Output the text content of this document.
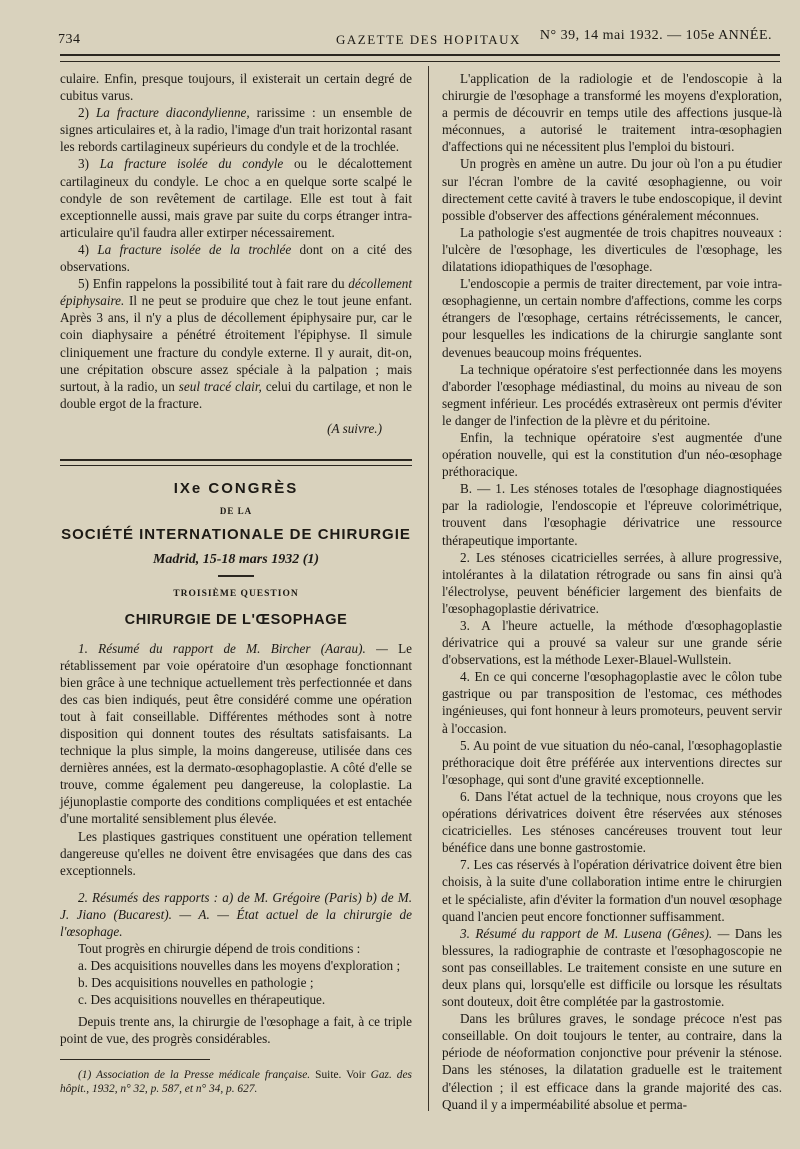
734	GAZETTE DES HOPITAUX N° 39, 14 mai 1932. — 105e ANNÉE.

culaire. Enfin, presque toujours, il existerait un certain degré de cubitus varus.

2) La fracture diacondylienne, rarissime : un ensemble de signes articulaires et, à la radio, l'image d'un trait horizontal rasant les rebords cartilagineux supérieurs du condyle et de la trochlée.

3) La fracture isolée du condyle ou le décalottement cartilagineux du condyle. Le choc a en quelque sorte scalpé le condyle de son revêtement de cartilage. Elle est tout à fait exceptionnelle aussi, mais grave par suite du corps étranger intra-articulaire qu'il faudra aller extirper nécessairement.

4) La fracture isolée de la trochlée dont on a cité des observations.

5) Enfin rappelons la possibilité tout à fait rare du décollement épiphysaire. Il ne peut se produire que chez le tout jeune enfant. Après 3 ans, il n'y a plus de décollement épiphysaire pur, car le coin diaphysaire a pénétré étroitement l'épiphyse. Il simule cliniquement une fracture du condyle externe. Il y aurait, dit-on, une crépitation obscure assez spéciale à la palpation ; mais surtout, à la radio, un seul tracé clair, celui du cartilage, et non le double ergot de la fracture.

(A suivre.)

IXe CONGRÈS
DE LA
SOCIÉTÉ INTERNATIONALE DE CHIRURGIE
Madrid, 15-18 mars 1932 (1)
TROISIÈME QUESTION
CHIRURGIE DE L'ŒSOPHAGE

1. Résumé du rapport de M. Bircher (Aarau). — Le rétablissement par voie opératoire d'un œsophage fonctionnant bien grâce à une technique actuellement très perfectionnée et dans des cas bien indiqués, peut être considéré comme une opération tout à fait conseillable. Différentes méthodes sont à notre disposition qui donnent toutes des résultats satisfaisants. La technique la plus simple, la moins dangereuse, utilisée dans ces dernières années, est la dermato-œsophagoplastie. A côté d'elle se trouve, comme également peu dangereuse, la coloplastie. La jéjunoplastie comporte des conditions compliquées et est entachée d'une mortalité sensiblement plus élevée.

Les plastiques gastriques constituent une opération tellement dangereuse qu'elles ne doivent être envisagées que dans des cas exceptionnels.

2. Résumés des rapports : a) de M. Grégoire (Paris) b) de M. J. Jiano (Bucarest). — A. — État actuel de la chirurgie de l'œsophage.

Tout progrès en chirurgie dépend de trois conditions :

a. Des acquisitions nouvelles dans les moyens d'exploration ;

b. Des acquisitions nouvelles en pathologie ;

c. Des acquisitions nouvelles en thérapeutique.

Depuis trente ans, la chirurgie de l'œsophage a fait, à ce triple point de vue, des progrès considérables.

(1) Association de la Presse médicale française. Suite. Voir Gaz. des hôpit., 1932, n° 32, p. 587, et n° 34, p. 627.

L'application de la radiologie et de l'endoscopie à la chirurgie de l'œsophage a transformé les moyens d'exploration, a permis de découvrir en temps utile des affections jusque-là méconnues, a autorisé le traitement intra-œsophagien d'affections qui ne nécessitent plus l'emploi du bistouri.

Un progrès en amène un autre. Du jour où l'on a pu étudier sur l'écran l'ombre de la cavité œsophagienne, ou voir directement cette cavité à travers le tube endoscopique, il devint possible d'observer des affections généralement méconnues.

La pathologie s'est augmentée de trois chapitres nouveaux : l'ulcère de l'œsophage, les diverticules de l'œsophage, les dilatations idiopathiques de l'œsophage.

L'endoscopie a permis de traiter directement, par voie intra-œsophagienne, un certain nombre d'affections, comme les corps étrangers de l'œsophage, certains rétrécissements, le cancer, pour lesquelles les indications de la chirurgie sanglante sont devenues beaucoup moins fréquentes.

La technique opératoire s'est perfectionnée dans les moyens d'aborder l'œsophage médiastinal, du moins au niveau de son segment inférieur. Les procédés extrasèreux ont permis d'éviter le danger de l'infection de la plèvre et du péritoine.

Enfin, la technique opératoire s'est augmentée d'une opération nouvelle, qui est la constitution d'un néo-œsophage préthoracique.

B. — 1. Les sténoses totales de l'œsophage diagnostiquées par la radiologie, l'endoscopie et l'épreuve colorimétrique, trouvent dans l'œsophagie dérivatrice une ressource thérapeutique importante.

2. Les sténoses cicatricielles serrées, à allure progressive, intolérantes à la dilatation rétrograde ou sans fin ainsi qu'à l'électrolyse, peuvent bénéficier largement des bienfaits de l'œsophagoplastie dérivatrice.

3. A l'heure actuelle, la méthode d'œsophagoplastie dérivatrice qui a prouvé sa valeur sur une grande série d'observations, est la méthode Lexer-Blauel-Wullstein.

4. En ce qui concerne l'œsophagoplastie avec le côlon tube gastrique ou par transposition de l'estomac, ces méthodes ingénieuses, qui font honneur à leurs promoteurs, peuvent servir à l'occasion.

5. Au point de vue situation du néo-canal, l'œsophagoplastie préthoracique doit être préférée aux interventions directes sur l'œsophage, qui sont d'une gravité exceptionnelle.

6. Dans l'état actuel de la technique, nous croyons que les opérations dérivatrices doivent être réservées aux sténoses cicatricielles. Les sténoses cancéreuses trouvent tout leur bénéfice dans une bonne gastrostomie.

7. Les cas réservés à l'opération dérivatrice doivent être bien choisis, à la suite d'une collaboration intime entre le chirurgien et le spécialiste, afin d'éviter la formation d'un nouvel œsophage quand l'ancien peut encore fonctionner suffisamment.

3. Résumé du rapport de M. Lusena (Gênes). — Dans les blessures, la radiographie de contraste et l'œsophagoscopie ne sont pas conseillables. Le traitement consiste en une suture en deux plans qui, lorsqu'elle est difficile ou lorsque les résultats sont douteux, doit être complétée par la gastrostomie.

Dans les brûlures graves, le sondage précoce n'est pas conseillable. On doit toujours le tenter, au contraire, dans la période de néoformation conjonctive pour prévenir la sténose. Dans les sténoses, la dilatation graduelle est le traitement d'élection ; il est efficace dans la grande majorité des cas. Quand il y a imperméabilité absolue et perma-
